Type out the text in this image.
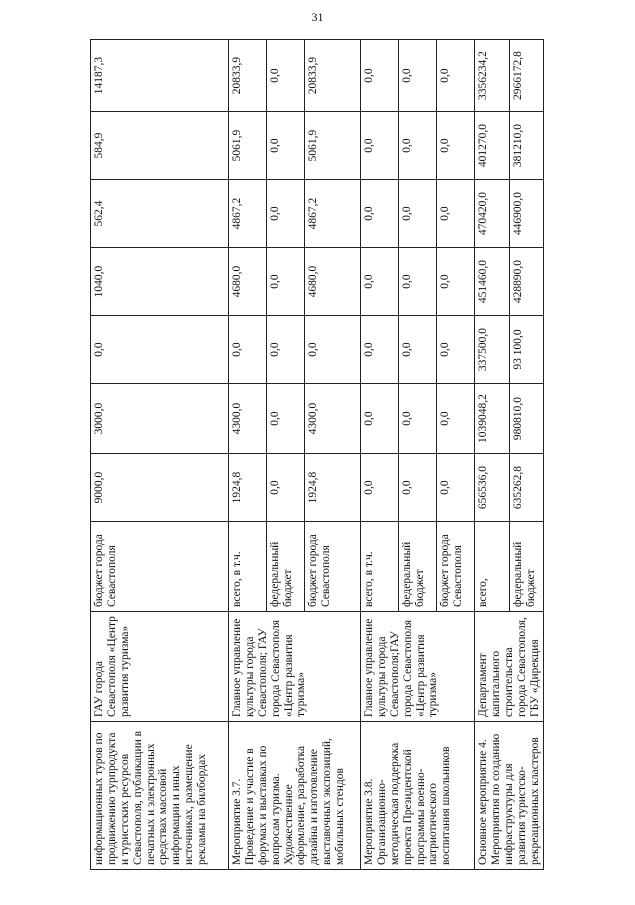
31
информационных туров по продвижению турпродукта и туристских ресурсов Севастополя, публикации в печатных и электронных средствах массовой информации и иных источниках, размещение рекламы на билбордах	ГАУ города Севастополя «Центр развития туризма»	бюджет города Севастополя	9000,0	3000,0	0,0	1040,0	562,4	584,9	14187,3
Мероприятие 3.7. Проведение и участие в форумах и выставках по вопросам туризма. Художественное оформление, разработка дизайна и изготовление выставочных экспозиций, мобильных стендов	Главное управление культуры города Севастополя; ГАУ города Севастополя «Центр развития туризма»	всего, в т.ч.	1924,8	4300,0	0,0	4680,0	4867,2	5061,9	20833,9
		федеральный бюджет	0,0	0,0	0,0	0,0	0,0	0,0	0,0
		бюджет города Севастополя	1924,8	4300,0	0,0	4680,0	4867,2	5061,9	20833,9
Мероприятие 3.8. Организационно-методическая поддержка проекта Президентской программы военно-патриотического воспитания школьников	Главное управление культуры города Севастополя;ГАУ города Севастополя «Центр развития туризма»	всего, в т.ч.	0,0	0,0	0,0	0,0	0,0	0,0	0,0
		федеральный бюджет	0,0	0,0	0,0	0,0	0,0	0,0	0,0
		бюджет города Севастополя	0,0	0,0	0,0	0,0	0,0	0,0	0,0
Основное мероприятие 4. Мероприятия по созданию инфраструктуры для развития туристско-рекреационных кластеров	Департамент капитального строительства города Севастополя, ГБУ «Дирекция	всего,	656536,0	1039048,2	337500,0	451460,0	470420,0	401270,0	3356234,2
		федеральный бюджет	635262,8	980810,0	93 100,0	428890,0	446900,0	381210,0	2966172,8
